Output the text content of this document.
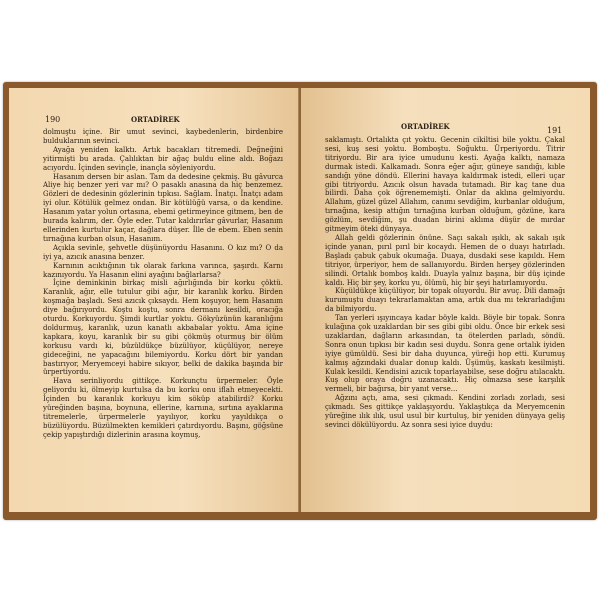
190	ORTADİREK

dolmuştu içine. Bir umut sevinci, kaybedenlerin, birdenbire bulduklarının sevinci.

Ayağa yeniden kalktı. Artık bacakları titremedi. Değneğini yitirmişti bu arada. Çalılıktan bir ağaç buldu eline aldı. Boğazı acıyordu. İçinden sevinçle, inançla söyleniyordu.

Hasanım dersen bir aslan. Tam da dedesine çekmiş. Bu gâvurca Aliye hiç benzer yeri var mı? O pasaklı anasına da hiç benzemez. Gözleri de dedesinin gözlerinin tıpkısı. Sağlam. İnatçı. İnatçı adam iyi olur. Kötülük gelmez ondan. Bir kötülüğü varsa, o da kendine. Hasanım yatar yolun ortasına, ebemi getirmeyince gitmem, ben de burada kalırım, der. Öyle eder. Tutar kaldırırlar gâvurlar, Hasanım ellerinden kurtulur kaçar, dağlara düşer. İlle de ebem. Eben senin tırnağına kurban olsun, Hasanım.

Açıkla sevinle, şehvetle düşünüyordu Hasanını. O kız mı? O da iyi ya, azıcık anasına benzer.

Karnının acıktığının tık olarak farkına varınca, şaşırdı. Karnı kazınıyordu. Ya Hasanın elini ayağını bağlarlarsa?

İçine deminkinin birkaç misli ağırlığında bir korku çöktü. Karanlık, ağır, elle tutulur gibi ağır, bir karanlık korku. Birden koşmağa başladı. Sesi azıcık çıksaydı. Hem koşuyor, hem Hasanım diye bağırıyordu. Koştu koştu, sonra dermanı kesildi, oracığa oturdu. Korkuyordu. Şimdi kurtlar yoktu. Gökyüzünün karanlığını doldurmuş, karanlık, uzun kanatlı akbabalar yoktu. Ama içine kapkara, koyu, karanlık bir su gibi çökmüş oturmuş bir ölüm korkusu vardı ki, büzüldükçe büzülüyor, küçülüyor, nereye gideceğini, ne yapacağını bilemiyordu. Korku dört bir yandan bastırıyor, Meryemceyi habire sıkıyor, belki de dakika başında bir ürpertiyordu.

Hava serinliyordu gittikçe. Korkunçtu ürpermeler. Öyle geliyordu ki, ölmeyip kurtulsa da bu korku onu iflah etmeyecekti. İçinden bu karanlık korkuyu kim söküp atabilirdi? Korku yüreğinden başına, boynuna, ellerine, karnına, sırtına ayaklarına titremelerle, ürpermelerle yayılıyor, korku yayıldıkça o büzülüyordu. Büzülmekten kemikleri çatırdıyordu. Başını, göğsüne çekip yapıştırdığı dizlerinin arasına koymuş,

ORTADİREK	191

saklamıştı. Ortalıkta çıt yoktu. Gecenin cikiltisi bile yoktu. Çakal sesi, kuş sesi yoktu. Bomboştu. Soğuktu. Ürperiyordu. Titrir titriyordu. Bir ara iyice umudunu kesti. Ayağa kalktı, namaza durmak istedi. Kalkamadı. Sonra eğer ağır, güneye sandığı, kıble sandığı yöne döndü. Ellerini havaya kaldırmak istedi, elleri uçar gibi titriyordu. Azıcık olsun havada tutamadı. Bir kaç tane dua bilirdi. Daha çok öğrenememişti. Onlar da aklına gelmiyordu. Allahım, güzel güzel Allahım, canımı sevdiğim, kurbanlar olduğum, tırnağına, kesip attığın tırnağına kurban olduğum, gözüne, kara gözlüm, sevdiğim, şu duadan birini aklıma düşür de mırdar gitmeyim öteki dünyaya.

Allah geldi gözlerinin önüne. Saçı sakalı ışıklı, ak sakalı ışık içinde yanan, pırıl pırıl bir kocaydı. Hemen de o duayı hatırladı. Başladı çabuk çabuk okumağa. Duaya, dusdaki sese kapıldı. Hem titriyor, ürperiyor, hem de sallanıyordu. Birden herşey gözlerinden silindi. Ortalık bomboş kaldı. Duayla yalnız başına, bir düş içinde kaldı. Hiç bir şey, korku yu, ölümü, hiç bir şeyi hatırlamıyordu.

Küçüldükçe küçülüyor, bir topak oluyordu. Bir avuç. Dili damağı kurumuştu duayı tekrarlamaktan ama, artık dua mı tekrarladığını da bilmiyordu.

Tan yerleri ışıyıncaya kadar böyle kaldı. Böyle bir topak. Sonra kulağına çok uzaklardan bir ses gibi gibi oldu. Önce bir erkek sesi uzaklardan, dağların arkasından, ta ötelerden parladı, söndü. Sonra onun tıpkısı bir kadın sesi duydu. Sonra gene ortalık iyiden iyiye gümüldü. Sesi bir daha duyunca, yüreği hop etti. Kurumuş kalmış ağzındaki dualar donup kaldı. Üşümüş, kaskatı kesilmişti. Kulak kesildi. Kendisini azıcık toparlayabilse, sese doğru atılacaktı. Kuş olup oraya doğru uzanacaktı. Hiç olmazsa sese karşılık vermeli, bir bağırsa, bir yanıt verse...

Ağzını açtı, ama, sesi çıkmadı. Kendini zorladı zorladı, sesi çıkmadı. Ses gittikçe yaklaşıyordu. Yaklaştıkça da Meryemcenin yüreğine ılık ılık, usul usul bir kurtuluş, bir yeniden dünyaya geliş sevinci dökülüyordu. Az sonra sesi iyice duydu:
